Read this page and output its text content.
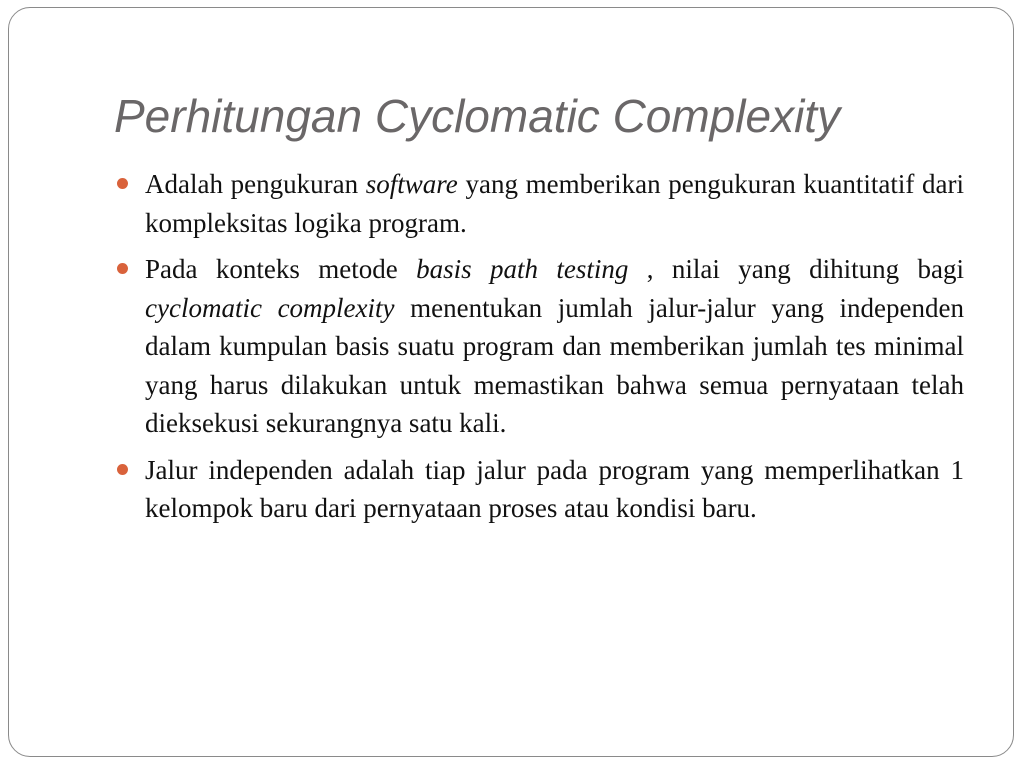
Perhitungan Cyclomatic Complexity
Adalah pengukuran software yang memberikan pengukuran kuantitatif dari kompleksitas logika program.
Pada konteks metode basis path testing , nilai yang dihitung bagi cyclomatic complexity menentukan jumlah jalur-jalur yang independen dalam kumpulan basis suatu program dan memberikan jumlah tes minimal yang harus dilakukan untuk memastikan bahwa semua pernyataan telah dieksekusi sekurangnya satu kali.
Jalur independen adalah tiap jalur pada program yang memperlihatkan 1 kelompok baru dari pernyataan proses atau kondisi baru.
